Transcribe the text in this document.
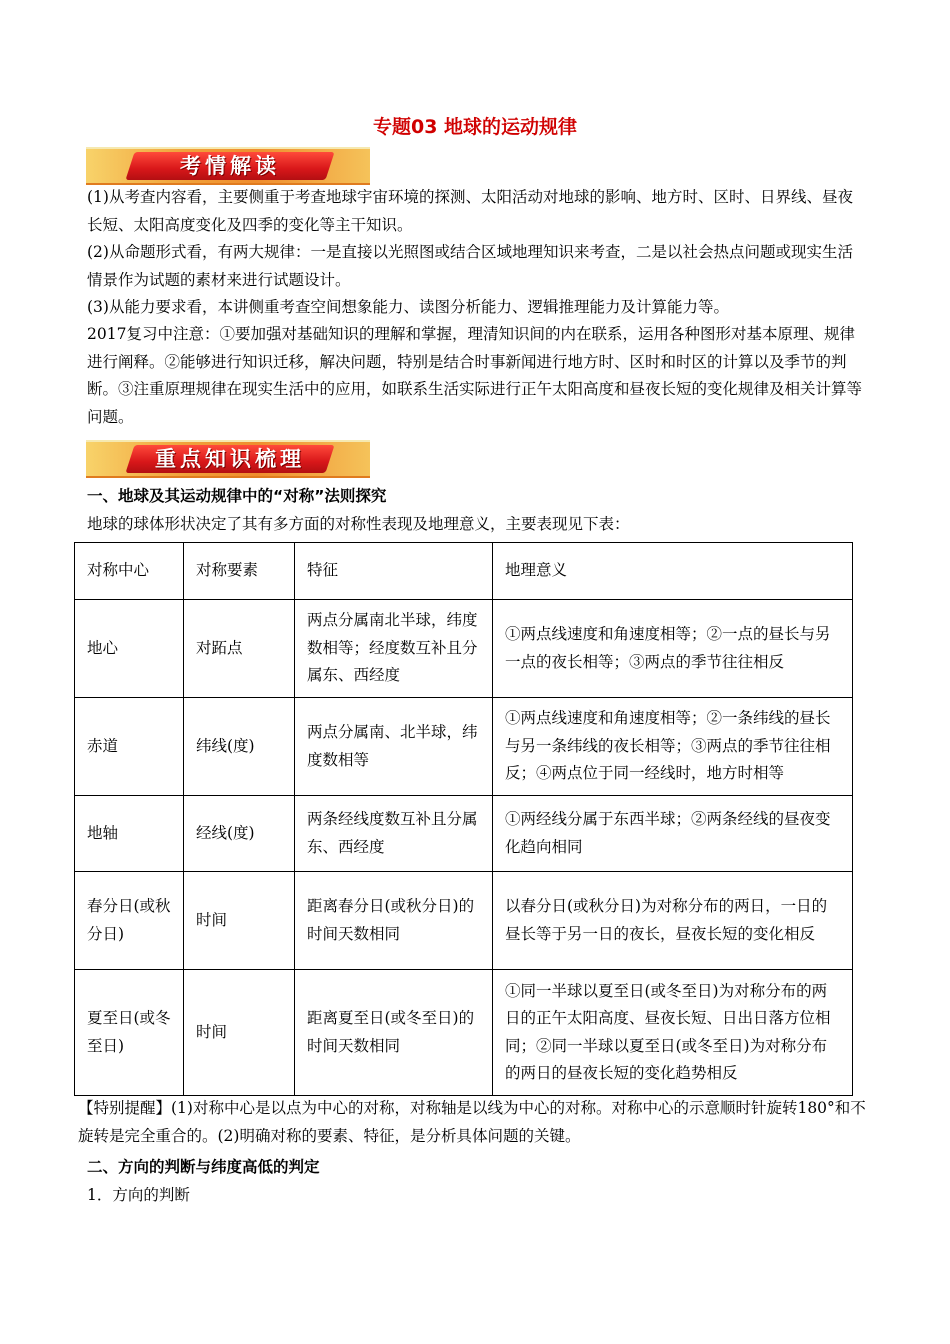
专题03 地球的运动规律
考情解读

(1)从考查内容看，主要侧重于考查地球宇宙环境的探测、太阳活动对地球的影响、地方时、区时、日界线、昼夜长短、太阳高度变化及四季的变化等主干知识。

(2)从命题形式看，有两大规律：一是直接以光照图或结合区域地理知识来考查，二是以社会热点问题或现实生活情景作为试题的素材来进行试题设计。

(3)从能力要求看，本讲侧重考查空间想象能力、读图分析能力、逻辑推理能力及计算能力等。

2017复习中注意：①要加强对基础知识的理解和掌握，理清知识间的内在联系，运用各种图形对基本原理、规律进行阐释。②能够进行知识迁移，解决问题，特别是结合时事新闻进行地方时、区时和时区的计算以及季节的判断。③注重原理规律在现实生活中的应用，如联系生活实际进行正午太阳高度和昼夜长短的变化规律及相关计算等问题。

重点知识梳理
一、地球及其运动规律中的“对称”法则探究
地球的球体形状决定了其有多方面的对称性表现及地理意义，主要表现见下表：
对称中心	对称要素	特征	地理意义
地心	对跖点	两点分属南北半球，纬度数相等；经度数互补且分属东、西经度	①两点线速度和角速度相等；②一点的昼长与另一点的夜长相等；③两点的季节往往相反
赤道	纬线(度)	两点分属南、北半球，纬度数相等	①两点线速度和角速度相等；②一条纬线的昼长与另一条纬线的夜长相等；③两点的季节往往相反；④两点位于同一经线时，地方时相等
地轴	经线(度)	两条经线度数互补且分属东、西经度	①两经线分属于东西半球；②两条经线的昼夜变化趋向相同
春分日(或秋分日)	时间	距离春分日(或秋分日)的时间天数相同	以春分日(或秋分日)为对称分布的两日，一日的昼长等于另一日的夜长，昼夜长短的变化相反
夏至日(或冬至日)	时间	距离夏至日(或冬至日)的时间天数相同	①同一半球以夏至日(或冬至日)为对称分布的两日的正午太阳高度、昼夜长短、日出日落方位相同；②同一半球以夏至日(或冬至日)为对称分布的两日的昼夜长短的变化趋势相反

【特别提醒】(1)对称中心是以点为中心的对称，对称轴是以线为中心的对称。对称中心的示意顺时针旋转180°和不旋转是完全重合的。(2)明确对称的要素、特征，是分析具体问题的关键。

二、方向的判断与纬度高低的判定
1．方向的判断
